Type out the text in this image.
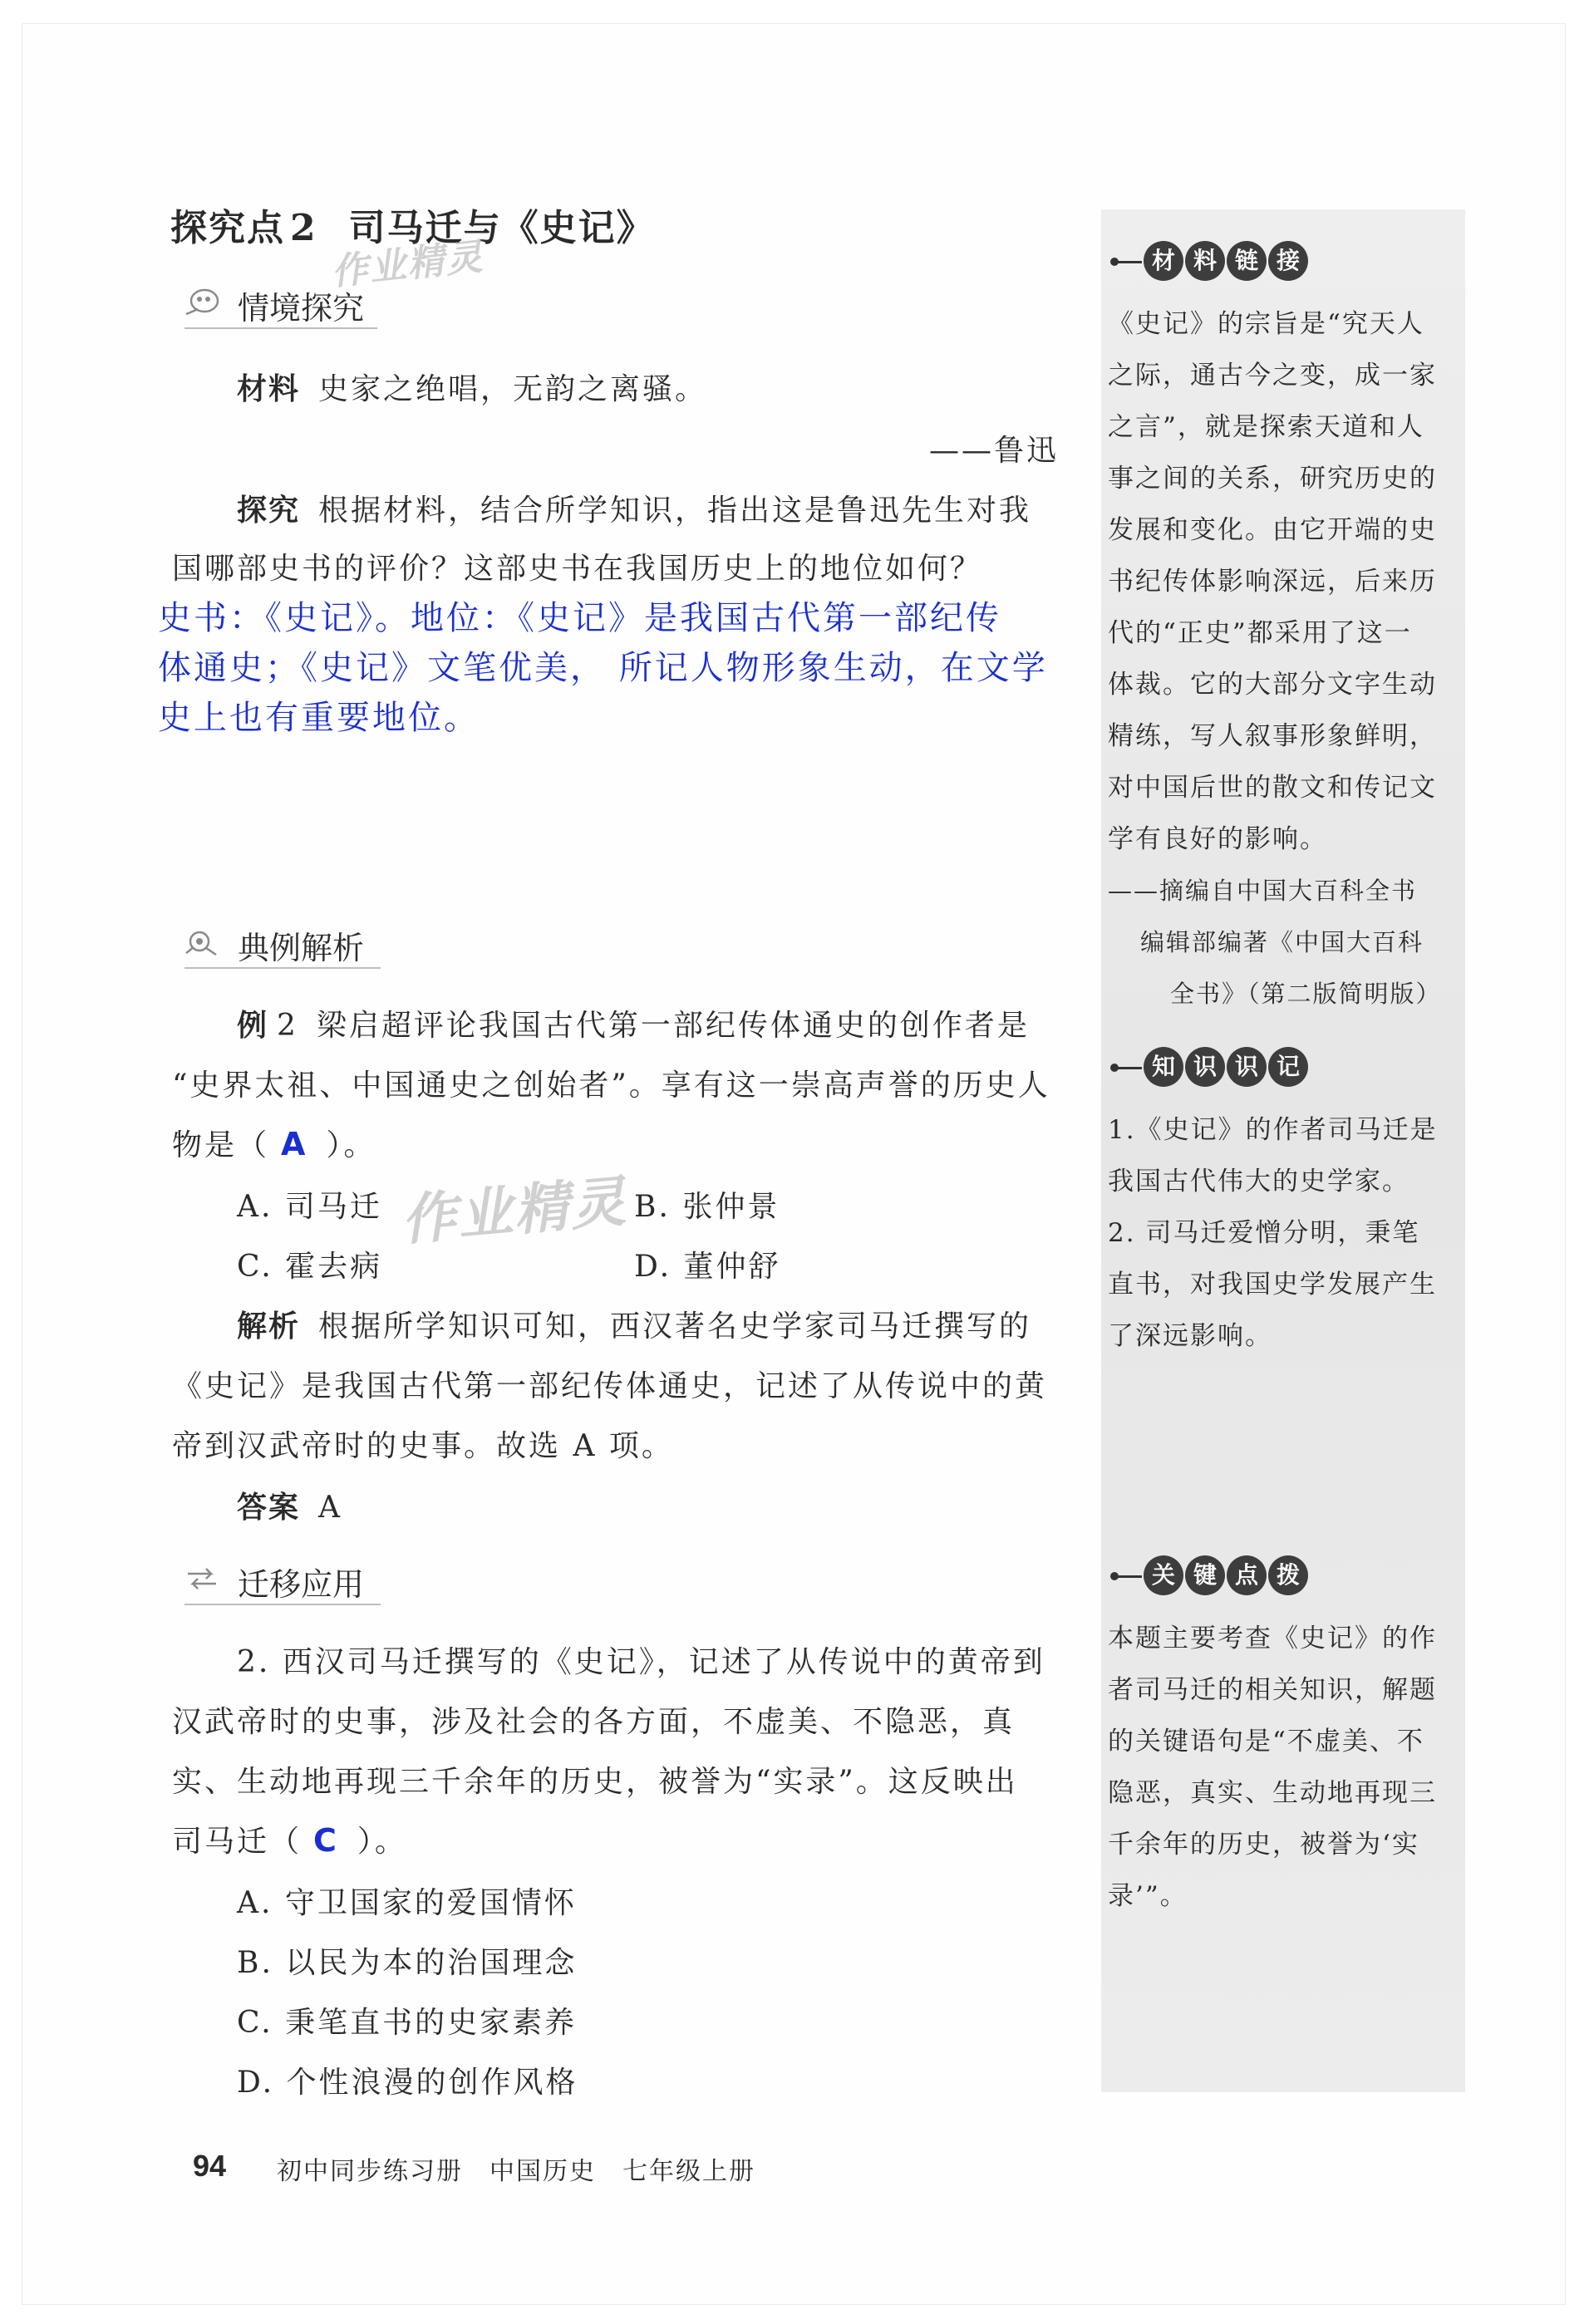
探究点 2 司马迁与《史记》
作业精灵
情境探究
材料 史家之绝唱，无韵之离骚。
——鲁迅
探究 根据材料，结合所学知识，指出这是鲁迅先生对我
国哪部史书的评价？这部史书在我国历史上的地位如何？
史书：《史记》。地位：《史记》是我国古代第一部纪传
体通史；《史记》文笔优美， 所记人物形象生动，在文学
史上也有重要地位。
典例解析
例 2 梁启超评论我国古代第一部纪传体通史的创作者是
“史界太祖、中国通史之创始者”。享有这一崇高声誉的历史人
物是（ A ）。
A. 司马迁	B. 张仲景
C. 霍去病	D. 董仲舒
作业精灵
解析 根据所学知识可知，西汉著名史学家司马迁撰写的
《史记》是我国古代第一部纪传体通史，记述了从传说中的黄
帝到汉武帝时的史事。故选 A 项。
答案 A
迁移应用
2. 西汉司马迁撰写的《史记》，记述了从传说中的黄帝到
汉武帝时的史事，涉及社会的各方面，不虚美、不隐恶，真
实、生动地再现三千余年的历史，被誉为“实录”。这反映出
司马迁（ C ）。
A. 守卫国家的爱国情怀
B. 以民为本的治国理念
C. 秉笔直书的史家素养
D. 个性浪漫的创作风格
材 料 链 接
《史记》的宗旨是“究天人
之际，通古今之变，成一家
之言”，就是探索天道和人
事之间的关系，研究历史的
发展和变化。由它开端的史
书纪传体影响深远，后来历
代的“正史”都采用了这一
体裁。它的大部分文字生动
精练，写人叙事形象鲜明，
对中国后世的散文和传记文
学有良好的影响。
——摘编自中国大百科全书
编辑部编著《中国大百科
全书》（第二版简明版）
知 识 识 记
1.《史记》的作者司马迁是
我国古代伟大的史学家。
2. 司马迁爱憎分明，秉笔
直书，对我国史学发展产生
了深远影响。
关 键 点 拨
本题主要考查《史记》的作
者司马迁的相关知识，解题
的关键语句是“不虚美、不
隐恶，真实、生动地再现三
千余年的历史，被誉为‘实
录’”。
94 初中同步练习册　中国历史　七年级上册
